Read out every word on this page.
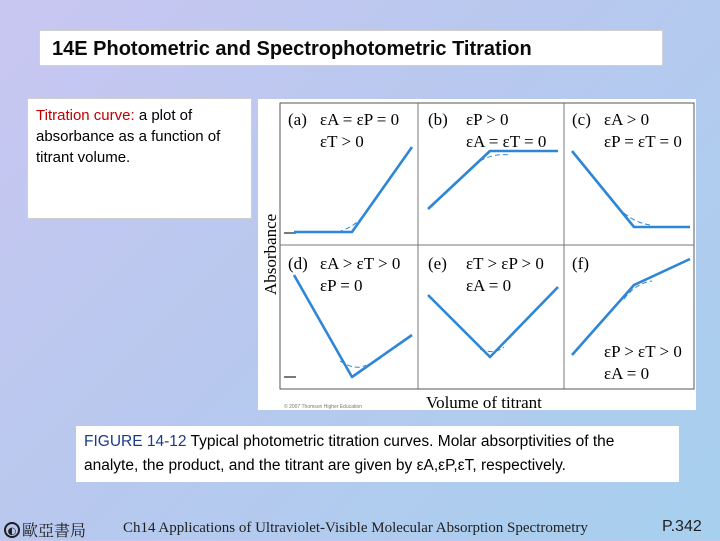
14E Photometric and Spectrophotometric Titration
Titration curve: a plot of absorbance as a function of titrant volume.
Absorbance
Volume of titrant
© 2007 Thomson Higher Education
(a) εA = εP = 0
εT > 0
(b) εP > 0
εA = εT = 0
(c) εA > 0
εP = εT = 0
(d) εA > εT > 0
εP = 0
(e) εT > εP > 0
εA = 0
(f)
εP > εT > 0
εA = 0
FIGURE 14-12 Typical photometric titration curves. Molar absorptivities of the analyte, the product, and the titrant are given by εA,εP,εT, respectively.
◐ 歐亞書局 Ch14 Applications of Ultraviolet-Visible Molecular Absorption Spectrometry	P.342
